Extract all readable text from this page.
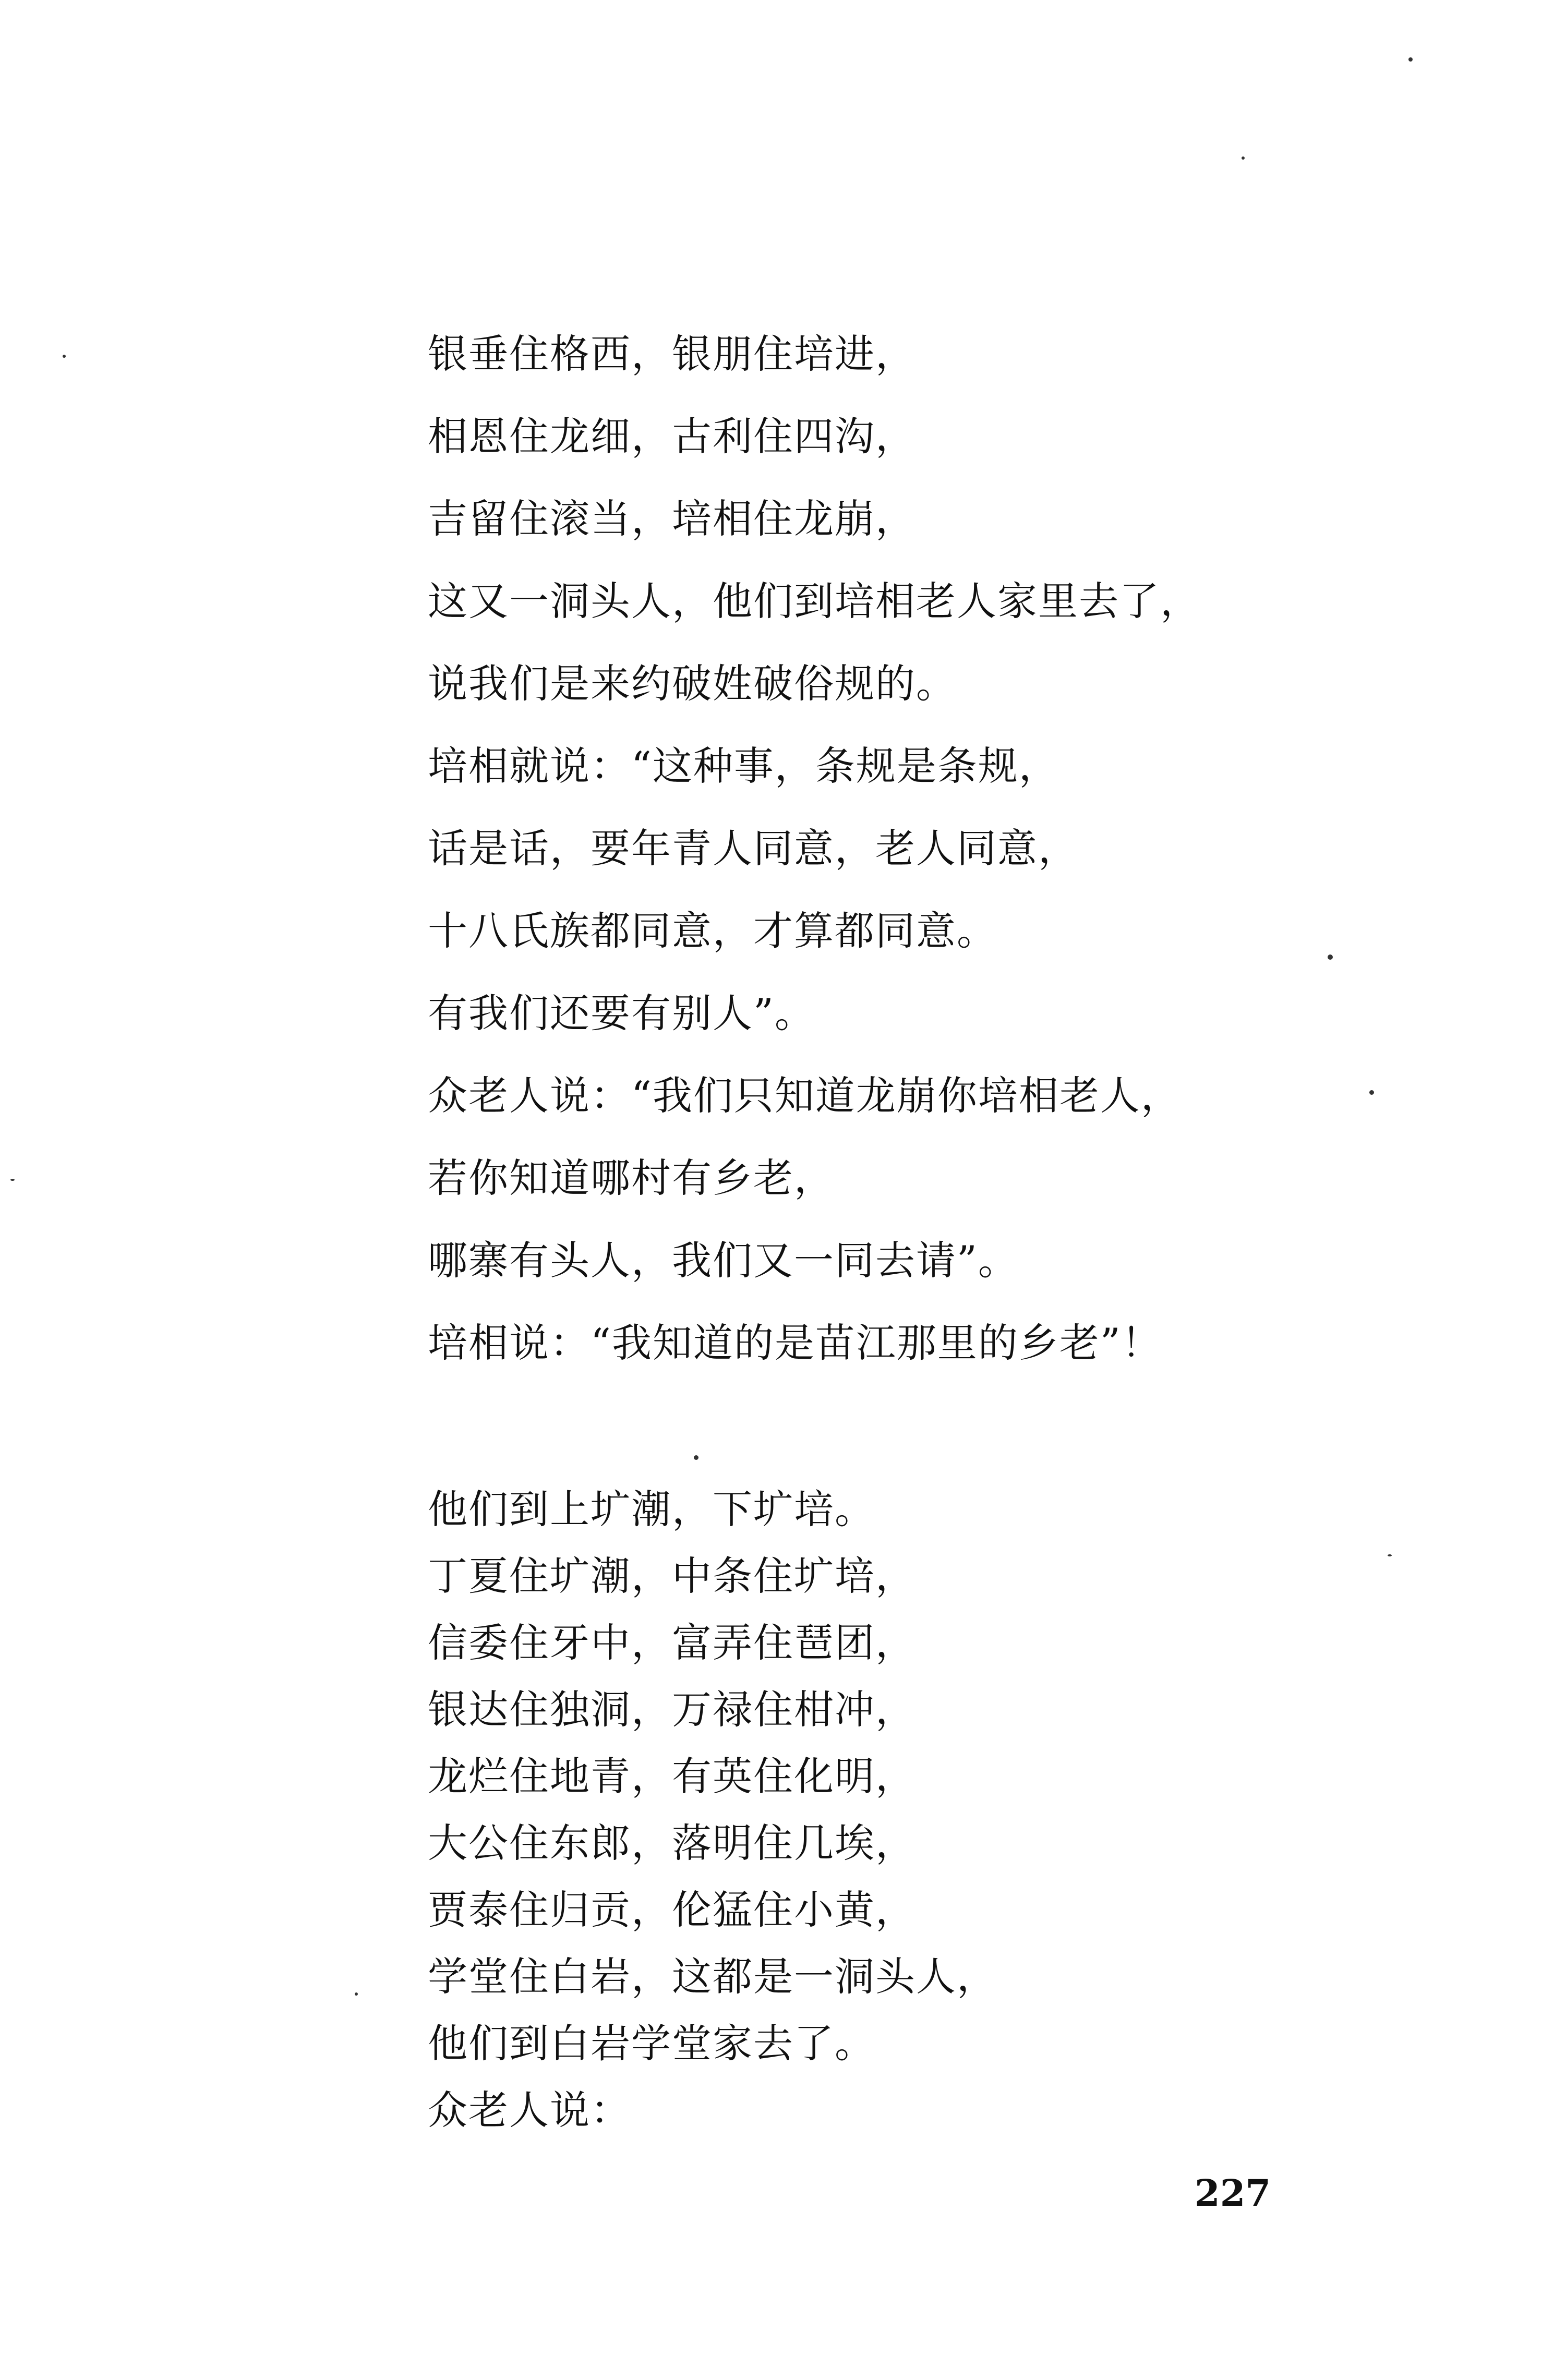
银垂住格西，银朋住培进，
相恩住龙细，古利住四沟，
吉留住滚当，培相住龙崩，
这又一洞头人，他们到培相老人家里去了，
说我们是来约破姓破俗规的。
培相就说：“这种事，条规是条规，
话是话，要年青人同意，老人同意，
十八氏族都同意，才算都同意。
有我们还要有别人”。
众老人说：“我们只知道龙崩你培相老人，
若你知道哪村有乡老，
哪寨有头人，我们又一同去请”。
培相说：“我知道的是苗江那里的乡老”！
他们到上圹潮，下圹培。
丁夏住圹潮，中条住圹培，
信委住牙中，富弄住琶团，
银达住独洞，万禄住柑冲，
龙烂住地青，有英住化明，
大公住东郎，落明住几埃，
贾泰住归贡，伦猛住小黄，
学堂住白岩，这都是一洞头人，
他们到白岩学堂家去了。
众老人说：
227
